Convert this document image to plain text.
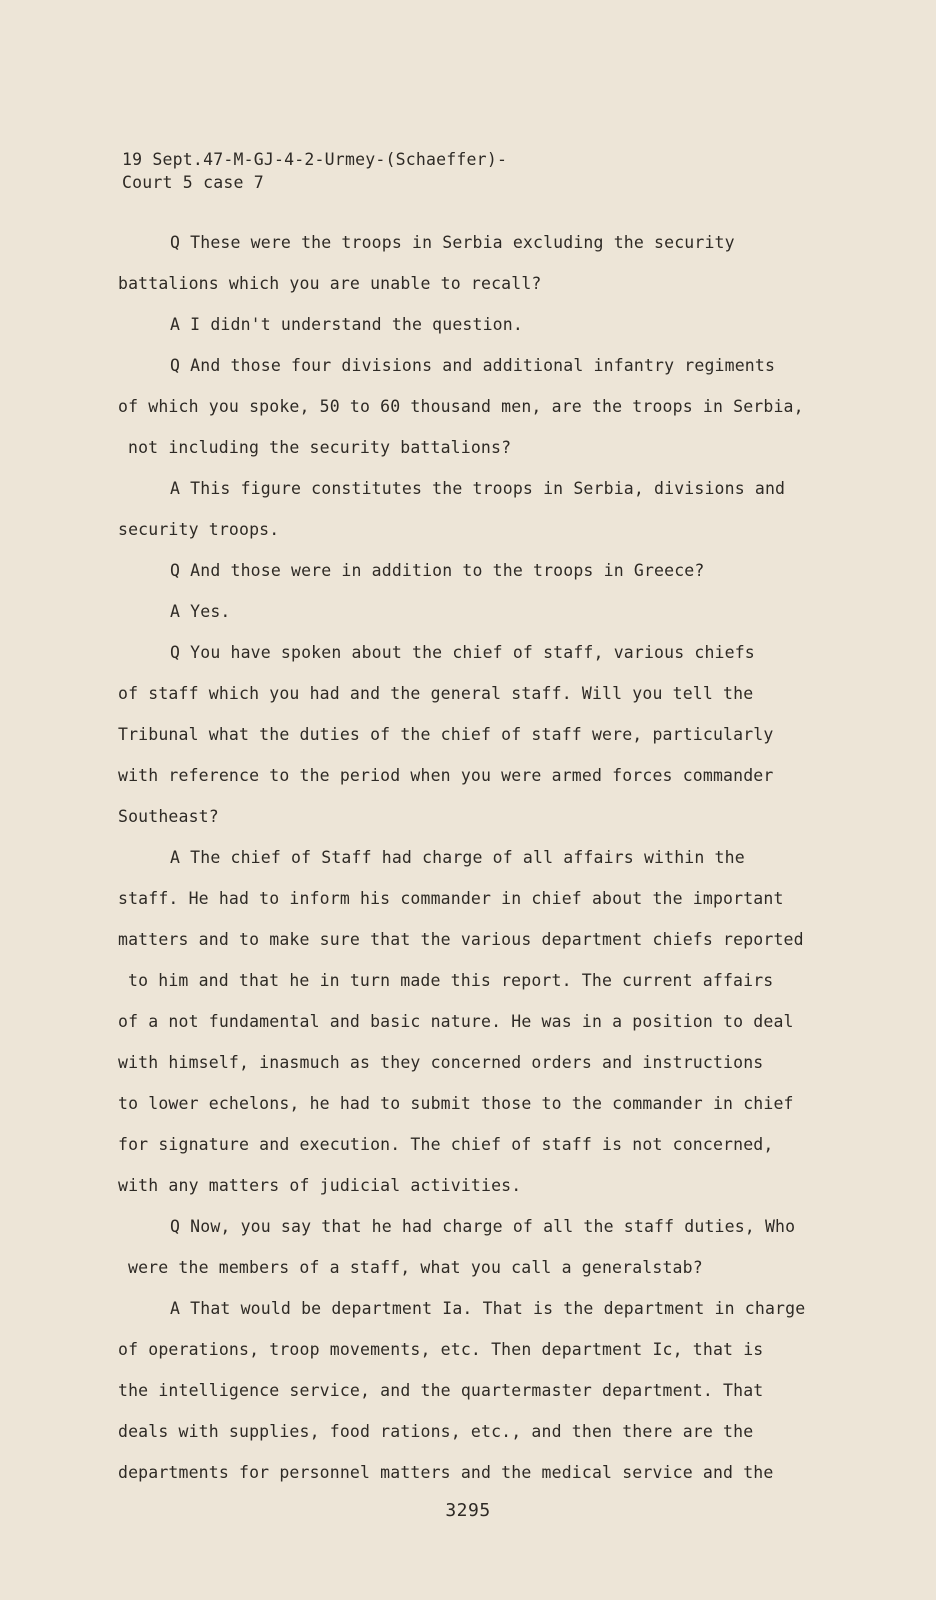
19 Sept.47-M-GJ-4-2-Urmey-(Schaeffer)-
Court 5 case 7
Q These were the troops in Serbia excluding the security
battalions which you are unable to recall?
A I didn't understand the question.
Q And those four divisions and additional infantry regiments
of which you spoke, 50 to 60 thousand men, are the troops in Serbia,
not including the security battalions?
A This figure constitutes the troops in Serbia, divisions and
security troops.
Q And those were in addition to the troops in Greece?
A Yes.
Q You have spoken about the chief of staff, various chiefs
of staff which you had and the general staff. Will you tell the
Tribunal what the duties of the chief of staff were, particularly
with reference to the period when you were armed forces commander
Southeast?
A The chief of Staff had charge of all affairs within the
staff. He had to inform his commander in chief about the important
matters and to make sure that the various department chiefs reported
to him and that he in turn made this report. The current affairs
of a not fundamental and basic nature. He was in a position to deal
with himself, inasmuch as they concerned orders and instructions
to lower echelons, he had to submit those to the commander in chief
for signature and execution. The chief of staff is not concerned,
with any matters of judicial activities.
Q Now, you say that he had charge of all the staff duties, Who
were the members of a staff, what you call a generalstab?
A That would be department Ia. That is the department in charge
of operations, troop movements, etc. Then department Ic, that is
the intelligence service, and the quartermaster department. That
deals with supplies, food rations, etc., and then there are the
departments for personnel matters and the medical service and the
3295
